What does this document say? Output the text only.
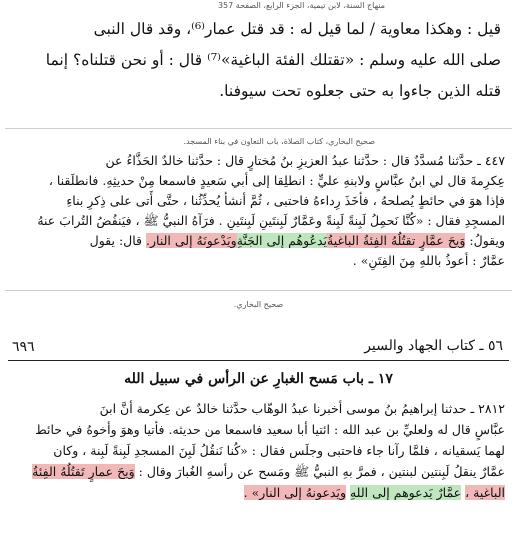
منهاج السنة، لابن تيمية، الجزء الرابع، الصفحة 357
قيل : وهكذا معاوية / لما قيل له : قد قتل عمار⁽⁶⁾، وقد قال النبى
صلى الله عليه وسلم : «تقتلك الفئة الباغية»⁽⁷⁾ قال : أو نحن قتلناه؟ إنما
قتله الذين جاءوا به حتى جعلوه تحت سيوفنا.
صحيح البخاري، كتاب الصلاة، باب التعاون في بناء المسجد.
٤٤٧ ـ حدَّثنا مُسدَّدٌ قال : حدَّثنا عبدُ العزيزِ بنُ مُختارٍ قال : حدَّثنا خالدٌ الحَذَّاءُ عن
عِكرِمةَ قال لي ابنُ عبَّاسٍ ولابنهِ عليٍّ : انطلِقا إلى أبي سَعيدٍ فاسمعا مِنْ حديثِهِ. فانطلَقنا ،
فإذا هوَ في حائطٍ يُصلحهُ ، فأخَذَ رِداءهُ فاحتبى ، ثُمَّ أنشأ يُحدِّثُنا ، حتَّى أَتى على ذِكرِ بناءِ
المسجِدِ فقال : «كُنَّا نَحمِلُ لَبِنةً لَبِنةً وعَمَّارٌ لَبِنتَينِ لَبِنتَينِ . فرَآهُ النبيُّ ﷺ ، فيَنفُضُ التُرابَ عنهُ
ويقولُ: وَيحَ عمَّارٍ تقتُلُهُ الفِئةُ الباغيةُيَدعُوهُم إلى الجَنَّةِويَدْعونَهُ إلى النار. قال: يقول
عمَّارٌ : أعوذُ باللهِ مِنَ الفِتَنِ» .
صحيح البخاري.
٦٩٦	٥٦ ـ كتاب الجهاد والسير
١٧ ـ باب مَسح الغبارِ عن الرأس في سبيل الله
٢٨١٢ ـ حدثنا إبراهيمُ بنُ موسى أخبرنا عبدُ الوهّاب حدَّثنا خالدٌ عن عِكرمة أنَّ ابنَ
عبَّاسٍ قال له ولعليِّ بن عبد الله : ائتيا أبا سعيد فاسمعا من حديثه. فأتيا وهوَ وأخوهُ في حائط
لهما يَسقيانه ، فلمَّا رآنا جاء فاحتبى وجلَس فقال : «كُنا نَنقُلُ لَبِنَ المسجدِ لَبِنةً لَبِنة ، وكان
عمَّارٌ ينقلُ لَبِنتين لبنتين ، فمرَّ بهِ النبيُّ ﷺ ومَسح عن رأسهِ الغُبارَ وقال : وَيحَ عمارٍ تَقتُلُهُ الفِئةُ
الباغية ، عمَّارٌ يَدعوهم إلى اللهِ ويَدعونهُ إلى النار» .
